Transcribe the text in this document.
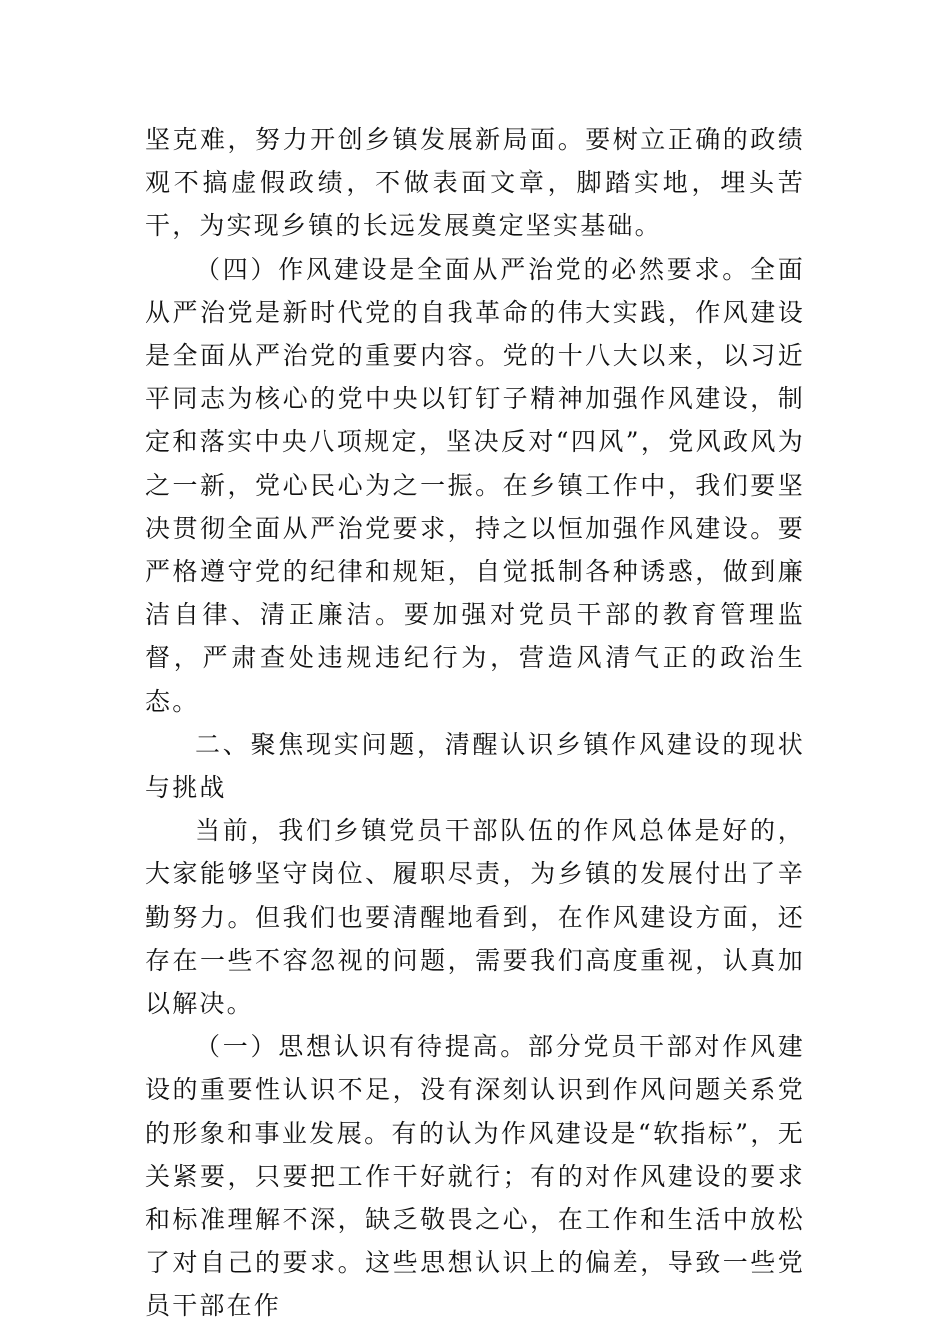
坚克难，努力开创乡镇发展新局面。要树立正确的政绩观不搞虚假政绩，不做表面文章，脚踏实地，埋头苦干，为实现乡镇的长远发展奠定坚实基础。

（四）作风建设是全面从严治党的必然要求。全面从严治党是新时代党的自我革命的伟大实践，作风建设是全面从严治党的重要内容。党的十八大以来，以习近平同志为核心的党中央以钉钉子精神加强作风建设，制定和落实中央八项规定，坚决反对“四风”，党风政风为之一新，党心民心为之一振。在乡镇工作中，我们要坚决贯彻全面从严治党要求，持之以恒加强作风建设。要严格遵守党的纪律和规矩，自觉抵制各种诱惑，做到廉洁自律、清正廉洁。要加强对党员干部的教育管理监督，严肃查处违规违纪行为，营造风清气正的政治生态。

二、聚焦现实问题，清醒认识乡镇作风建设的现状与挑战

当前，我们乡镇党员干部队伍的作风总体是好的，大家能够坚守岗位、履职尽责，为乡镇的发展付出了辛勤努力。但我们也要清醒地看到，在作风建设方面，还存在一些不容忽视的问题，需要我们高度重视，认真加以解决。

（一）思想认识有待提高。部分党员干部对作风建设的重要性认识不足，没有深刻认识到作风问题关系党的形象和事业发展。有的认为作风建设是“软指标”，无关紧要，只要把工作干好就行；有的对作风建设的要求和标准理解不深，缺乏敬畏之心，在工作和生活中放松了对自己的要求。这些思想认识上的偏差，导致一些党员干部在作
